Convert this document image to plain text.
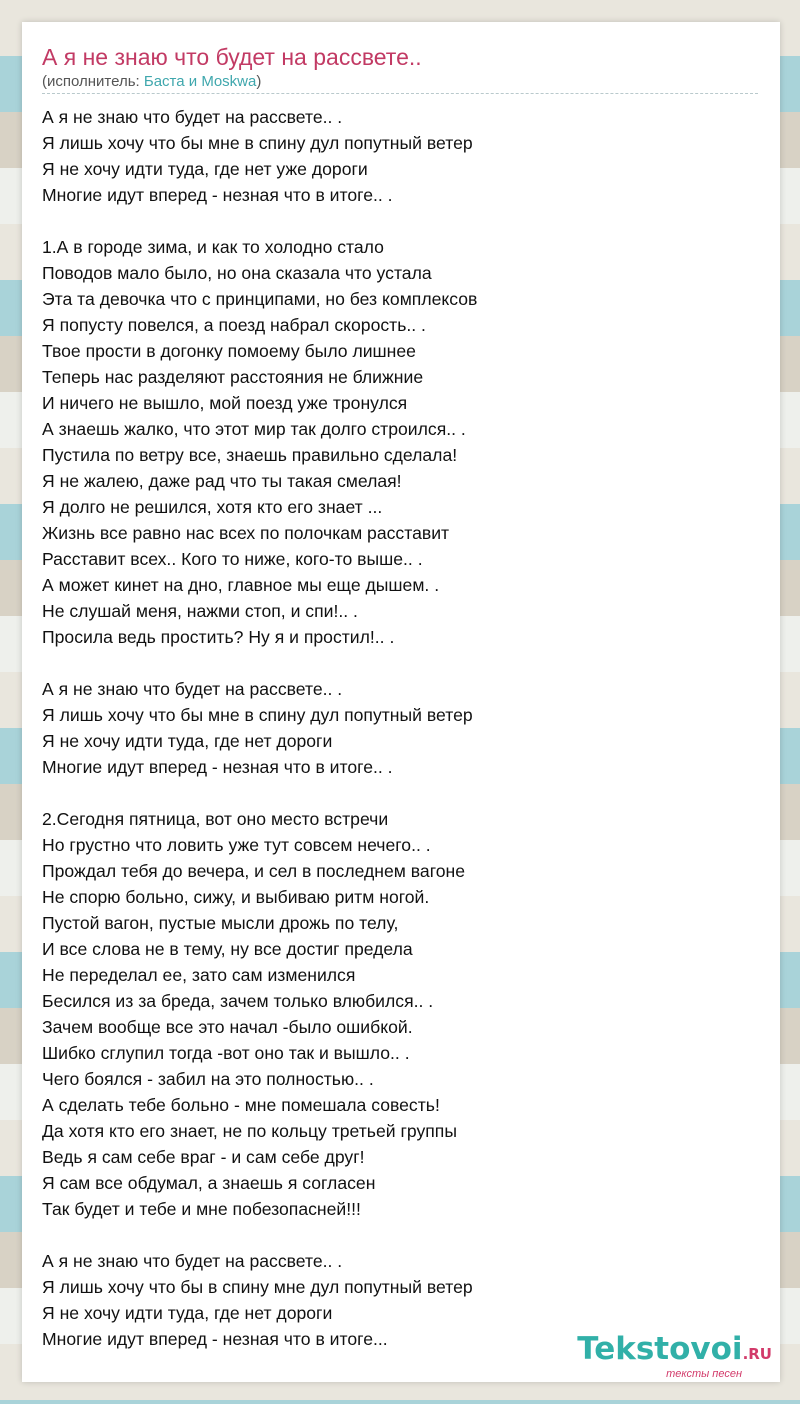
А я не знаю что будет на рассвете..
(исполнитель: Баста и Moskwa)
А я не знаю что будет на рассвете.. .
Я лишь хочу что бы мне в спину дул попутный ветер
Я не хочу идти туда, где нет уже дороги
Многие идут вперед - незная что в итоге.. .
1.А в городе зима, и как то холодно стало
Поводов мало было, но она сказала что устала
Эта та девочка что с принципами, но без комплексов
Я попусту повелся, а поезд набрал скорость.. .
Твое прости в догонку помоему было лишнее
Теперь нас разделяют расстояния не ближние
И ничего не вышло, мой поезд уже тронулся
А знаешь жалко, что этот мир так долго строился.. .
Пустила по ветру все, знаешь правильно сделала!
Я не жалею, даже рад что ты такая смелая!
Я долго не решился, хотя кто его знает ...
Жизнь все равно нас всех по полочкам расставит
Расставит всех.. Кого то ниже, кого-то выше.. .
А может кинет на дно, главное мы еще дышем. .
Не слушай меня, нажми стоп, и спи!.. .
Просила ведь простить? Ну я и простил!.. .
А я не знаю что будет на рассвете.. .
Я лишь хочу что бы мне в спину дул попутный ветер
Я не хочу идти туда, где нет дороги
Многие идут вперед - незная что в итоге.. .
2.Сегодня пятница, вот оно место встречи
Но грустно что ловить уже тут совсем нечего.. .
Прождал тебя до вечера, и сел в последнем вагоне
Не спорю больно, сижу, и выбиваю ритм ногой.
Пустой вагон, пустые мысли дрожь по телу,
И все слова не в тему, ну все достиг предела
Не переделал ее, зато сам изменился
Бесился из за бреда, зачем только влюбился.. .
Зачем вообще все это начал -было ошибкой.
Шибко сглупил тогда -вот оно так и вышло.. .
Чего боялся - забил на это полностью.. .
А сделать тебе больно - мне помешала совесть!
Да хотя кто его знает, не по кольцу третьей группы
Ведь я сам себе враг - и сам себе друг!
Я сам все обдумал, а знаешь я согласен
Так будет и тебе и мне побезопасней!!!
А я не знаю что будет на рассвете.. .
Я лишь хочу что бы в спину мне дул попутный ветер
Я не хочу идти туда, где нет дороги
Многие идут вперед - незная что в итоге...	Tekstovoi.RU
тексты песен
